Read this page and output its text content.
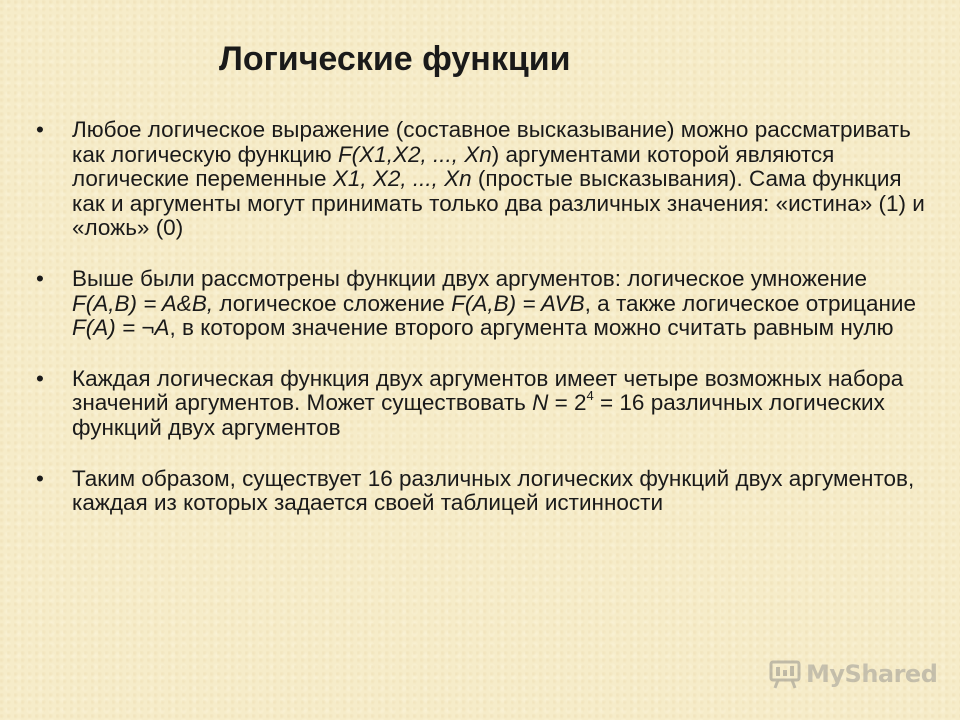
Логические функции
•	Любое логическое выражение (составное высказывание) можно рассматривать как логическую функцию F(X1,X2, ..., Xn) аргументами которой являются логические переменные X1, X2, ..., Xn (простые высказывания). Сама функция как и аргументы могут принимать только два различных значения: «истина» (1) и «ложь» (0)
•	Выше были рассмотрены функции двух аргументов: логическое умножение F(A,B) = A&B, логическое сложение F(A,B) = AVB, а также логическое отрицание F(A) = ¬A, в котором значение второго аргумента можно считать равным нулю
•	Каждая логическая функция двух аргументов имеет четыре возможных набора значений аргументов. Может существовать $N = 2^4 = 16$ различных логических функций двух аргументов
•	Таким образом, существует 16 различных логических функций двух аргументов, каждая из которых задается своей таблицей истинности
MyShared
